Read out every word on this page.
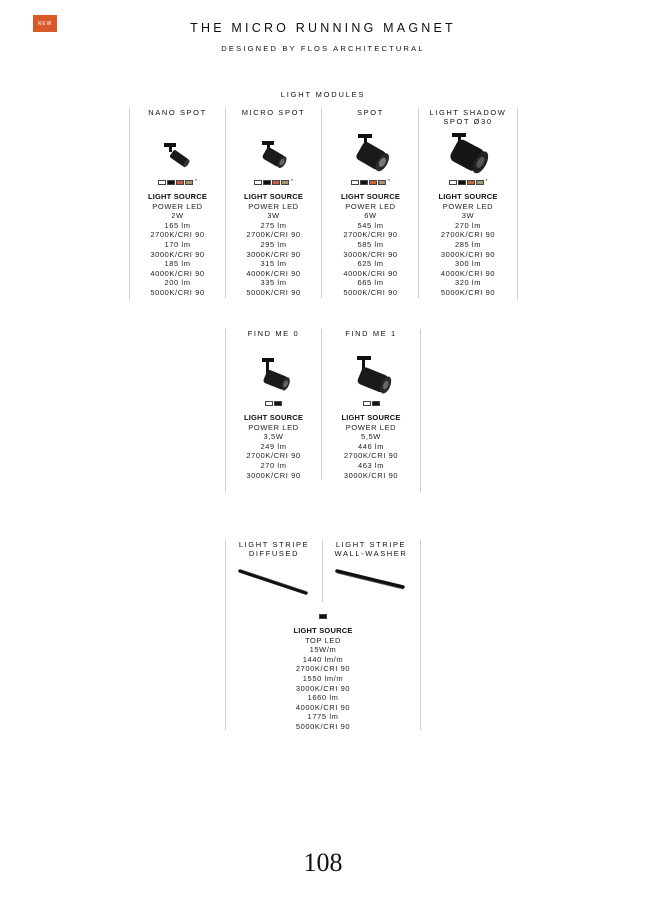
NEW	THE MICRO RUNNING MAGNET
DESIGNED BY FLOS ARCHITECTURAL
LIGHT MODULES
NANO SPOT
*
LIGHT SOURCE
POWER LED
2W
165 lm
2700K/CRI 90
170 lm
3000K/CRI 90
185 lm
4000K/CRI 90
200 lm
5000K/CRI 90
MICRO SPOT
*
LIGHT SOURCE
POWER LED
3W
275 lm
2700K/CRI 90
295 lm
3000K/CRI 90
315 lm
4000K/CRI 90
335 lm
5000K/CRI 90
SPOT
*
LIGHT SOURCE
POWER LED
6W
545 lm
2700K/CRI 90
585 lm
3000K/CRI 90
625 lm
4000K/CRI 90
665 lm
5000K/CRI 90
LIGHT SHADOW
SPOT Ø30
*
LIGHT SOURCE
POWER LED
3W
270 lm
2700K/CRI 90
285 lm
3000K/CRI 90
300 lm
4000K/CRI 90
320 lm
5000K/CRI 90
FIND ME 0
LIGHT SOURCE
POWER LED
3,5W
249 lm
2700K/CRI 90
270 lm
3000K/CRI 90
FIND ME 1
LIGHT SOURCE
POWER LED
5,5W
446 lm
2700K/CRI 90
463 lm
3000K/CRI 90
LIGHT STRIPE
DIFFUSED
LIGHT STRIPE
WALL-WASHER
LIGHT SOURCE
TOP LED
15W/m
1440 lm/m
2700K/CRI 90
1550 lm/m
3000K/CRI 90
1660 lm
4000K/CRI 90
1775 lm
5000K/CRI 90
108
